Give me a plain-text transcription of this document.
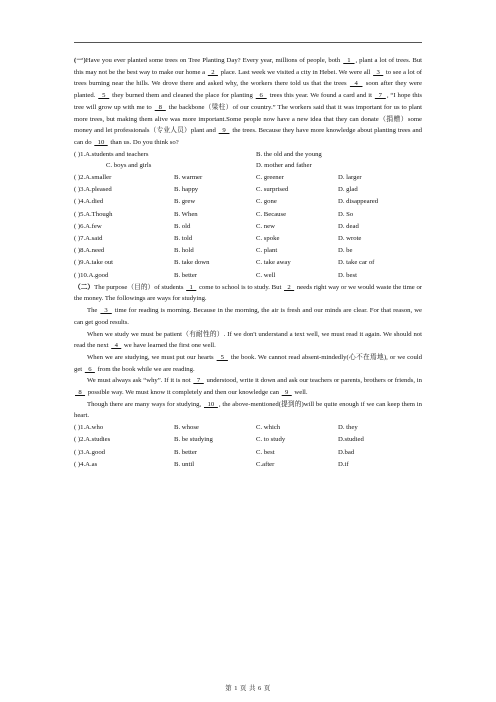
(一)Have you ever planted some trees on Tree Planting Day? Every year, millions of people, both   1  , plant a lot of trees. But this may not be the best way to make our home a   2   place. Last week we visited a city in Hebei. We were all   3   to see a lot of trees burning near the hills. We drove there and asked why, the workers there told us that the trees   4   soon after they were planted.   5   they burned them and cleaned the place for planting   6   trees this year. We found a card and it   7  , “I hope this tree will grow up with me to   8   the backbone（梁柱）of our country.” The workers said that it was important for us to plant more trees, but making them alive was more important.Some people now have a new idea that they can donate（捐赠）some money and let professionals（专业人员）plant and   9   the trees. Because they have more knowledge about planting trees and can do   10   than us. Do you think so?

( )1.A.students and teachers	B. the old and the young
C. boys and girls	D. mother and father
( )2.A.smaller	B. warmer	C. greener	D. larger
( )3.A.pleased	B. happy	C. surprised	D. glad
( )4.A.died	B. grew	C. gone	D. disappeared
( )5.A.Though	B. When	C. Because	D. So
( )6.A.few	B. old	C. new	D. dead
( )7.A.said	B. told	C. spoke	D. wrote
( )8.A.need	B. hold	C. plant	D. be
( )9.A.take out	B. take down	C. take away	D. take car of
( )10.A.good	B. better	C. well	D. best

（二）The purpose（目的）of students   1   come to school is to study. But   2   needs right way or we would waste the time or the money. The followings are ways for studying.

The   3   time for reading is morning. Because in the morning, the air is fresh and our minds are clear. For that reason, we can get good results.

When we study we must be patient（有耐性的）. If we don't understand a text well, we must read it again. We should not read the next   4   we have learned the first one well.

When we are studying, we must put our hearts   5   the book. We cannot read absent-mindedly(心不在焉地), or we could get   6   from the book while we are reading.

We must always ask “why”. If it is not   7   understood, write it down and ask our teachers or parents, brothers or friends, in   8   possible way. We must know it completely and then our knowledge can   9   well.

Though there are many ways for studying,   10  , the above-mentioned(提到的)will be quite enough if we can keep them in heart.

( )1.A.who	B. whose	C. which	D. they
( )2.A.studies	B. be studying	C. to study	D.studied
( )3.A.good	B. better	C. best	D.bad
( )4.A.as	B. until	C.after	D.if
第 1 页 共 6 页
